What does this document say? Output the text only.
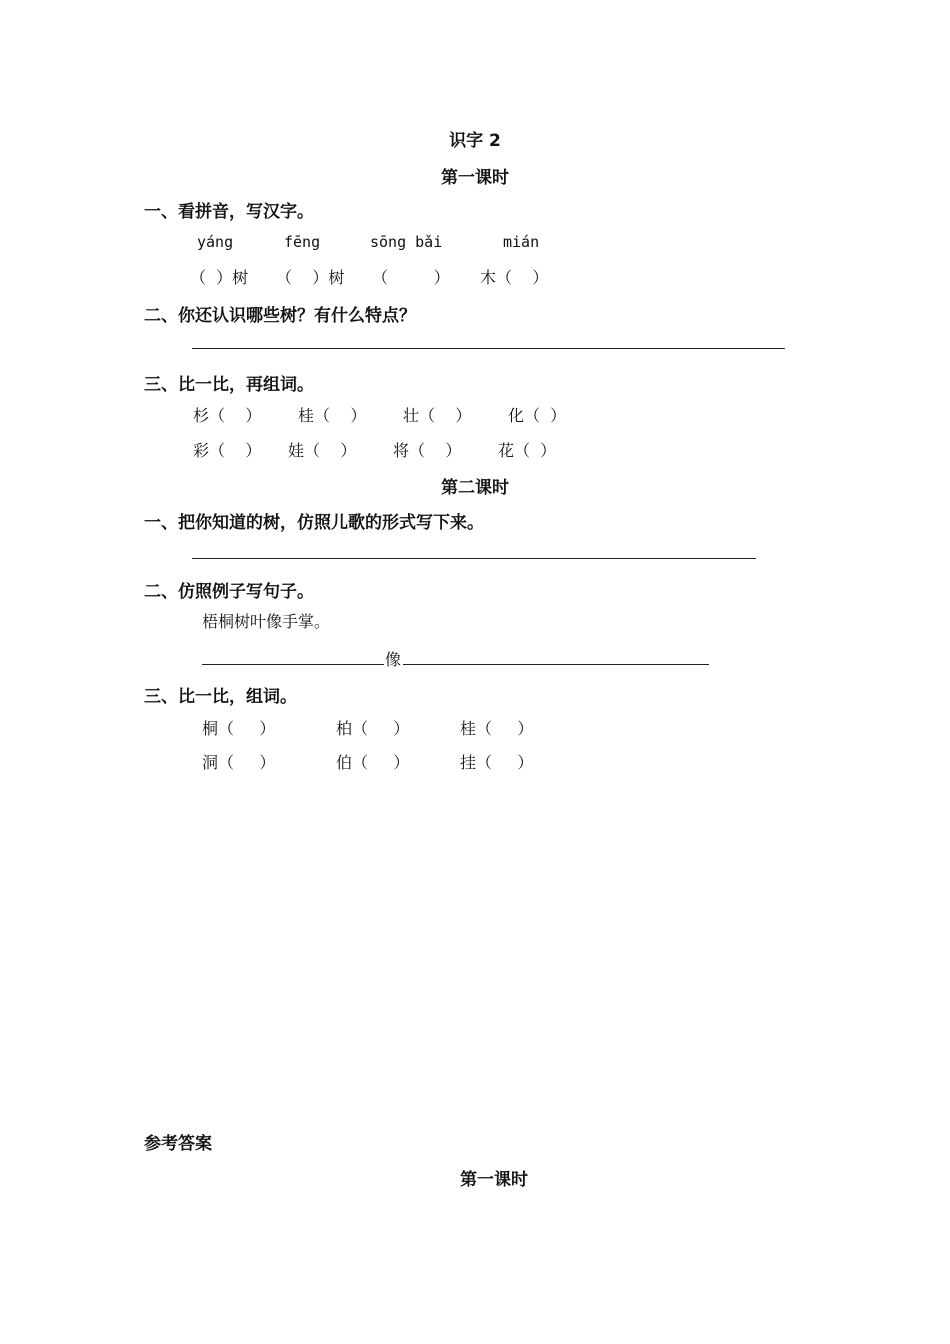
识字 2
第一课时
一、看拼音，写汉字。
yáng	fēng	sōng bǎi	mián
（  ）树 （    ）树 （         ） 木（    ）
二、你还认识哪些树？有什么特点？
三、比一比，再组词。
杉（    ） 桂（    ） 壮（    ） 化（  ）
彩（    ） 娃（    ） 将（    ） 花（  ）
第二课时
一、把你知道的树，仿照儿歌的形式写下来。
二、仿照例子写句子。
梧桐树叶像手掌。
像
三、比一比，组词。
桐（     ）	柏（     ）	桂（     ）
洞（     ）	伯（     ）	挂（     ）
参考答案
第一课时
